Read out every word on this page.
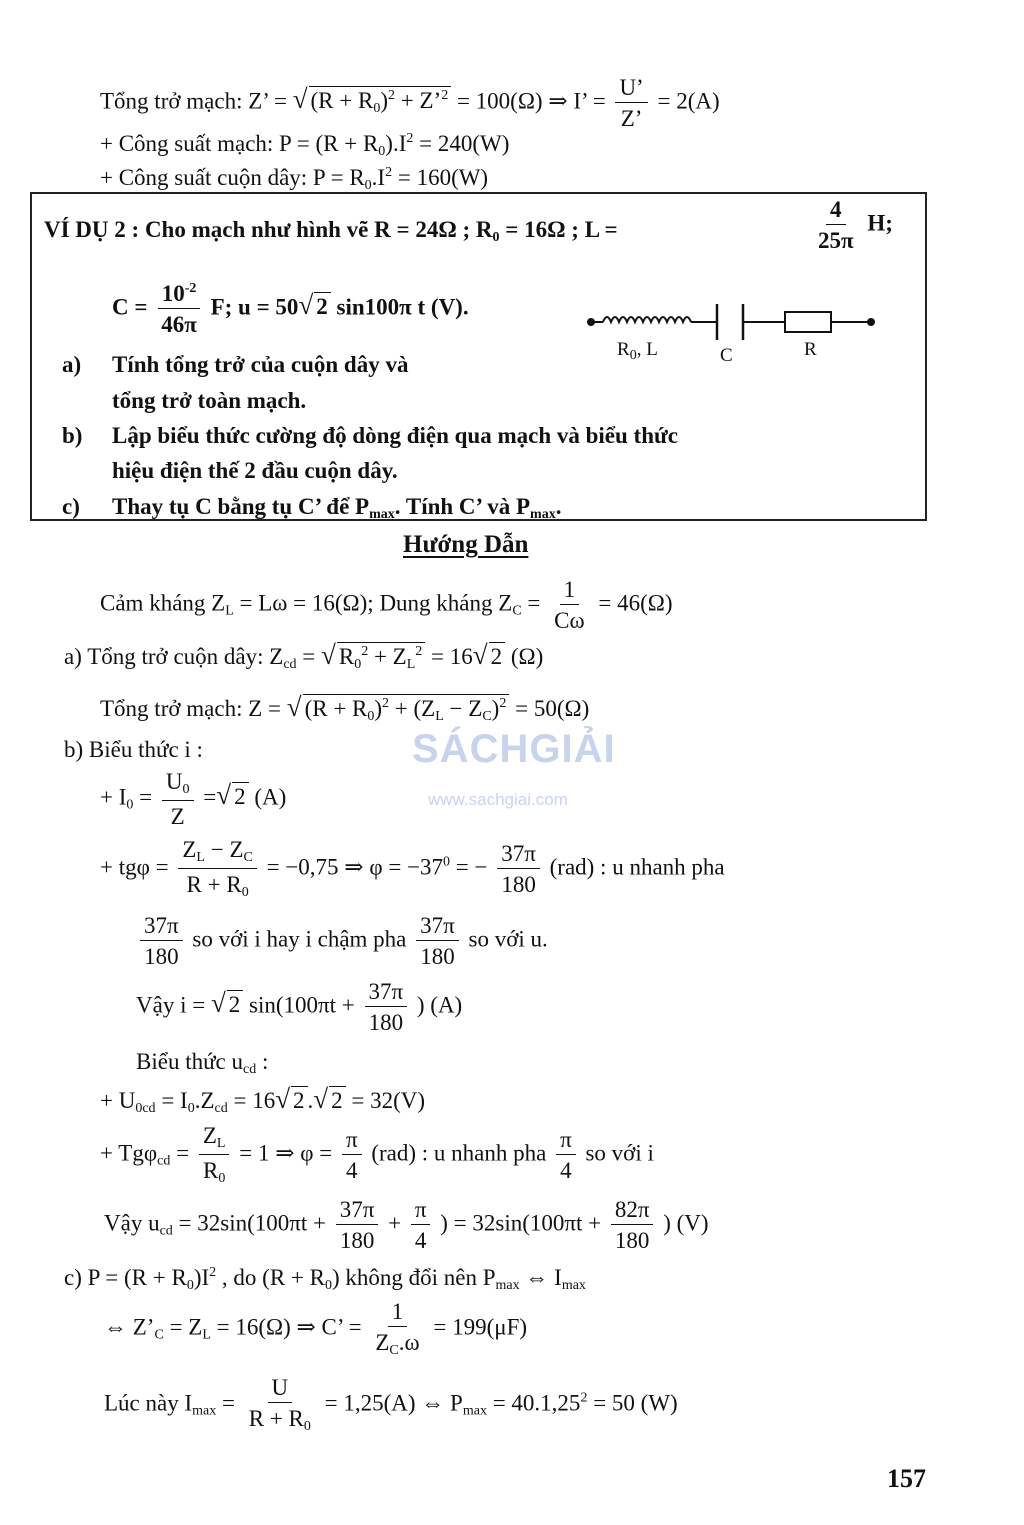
Tổng trở mạch: Z’ = √ $(R + R_0)^2$ + Z’$^2$ = 100(Ω) ⇒ I’ = $\frac{U’}{Z’} = 2(A)$
+ Công suất mạch: $P = (R + R_0).I^2 = 240(W)$
+ Công suất cuộn dây: $P = R_0.I^2 = 160(W)$
VÍ DỤ 2 : Cho mạch như hình vẽ R = 24Ω ; $R_0 = 16\Omega$ ; L =	$\frac{4}{25\pi} H$;
$C = \frac{10^{-2}}{46\pi} F$; u = 50 √ 2 sin100π t (V).
$R_0$, L	C	R
a) Tính tổng trở của cuộn dây và
tổng trở toàn mạch.
b) Lập biểu thức cường độ dòng điện qua mạch và biểu thức
hiệu điện thế 2 đầu cuộn dây.
c) Thay tụ C bằng tụ C’ để $P_{max}$. Tính C’ và $P_{max}$.
Hướng Dẫn
Cảm kháng $Z_L = L\omega = 16(\Omega)$; Dung kháng $Z_C = \frac{1}{C\omega} = 46(\Omega)$
a) Tổng trở cuộn dây: $Z_{cd}$ = √ $R_0^2 + Z_L^2 = 16$ √ 2 (Ω)
Tổng trở mạch: Z = √ $(R + R_0)^2 + (Z_L - Z_C)^2 = 50(\Omega)$
b) Biểu thức i :	SÁCHGIẢI
www.sachgiai.com
+ $I_0 = \frac{U_0}{Z}$ = √ 2 (A)
+ $tg\varphi = \frac{Z_L - Z_C}{R + R_0} = -0,75$ ⇒ $\varphi = -37^0$ = − $\frac{37\pi}{180} (rad)$ : u nhanh pha
$\frac{37\pi}{180}$ so với i hay i chậm pha $\frac{37\pi}{180}$ so với u.
Vậy i = √ 2 $\sin(100\pi t + \frac{37\pi}{180}$ ) (A)
Biểu thức $u_{cd}$ :
+ $U_{0cd} = I_0.Z_{cd} = 16$ √ 2 . √ 2 = 32(V)
+ $Tg\varphi_{cd} = \frac{Z_L}{R_0} = 1$ ⇒ $\varphi = \frac{\pi}{4} (rad)$ : u nhanh pha $\frac{\pi}{4}$ so với i
Vậy $u_{cd} = 32\sin(100\pi t + \frac{37\pi}{180} + \frac{\pi}{4}$ ) = $32\sin(100\pi t + \frac{82\pi}{180}$ ) (V)
c) $P = (R + R_0)I^2$ , do $(R + R_0)$ không đổi nên $P_{max}$ ⇔ $I_{max}$
⇔ $Z’_C = Z_L = 16(\Omega)$ ⇒ C’ = $\frac{1}{Z_C.\omega} = 199(\mu F)$
Lúc này $I_{max} = \frac{U}{R + R_0} = 1,25(A)$ ⇔ $P_{max} = 40.1,25^2 = 50$ (W)
157
